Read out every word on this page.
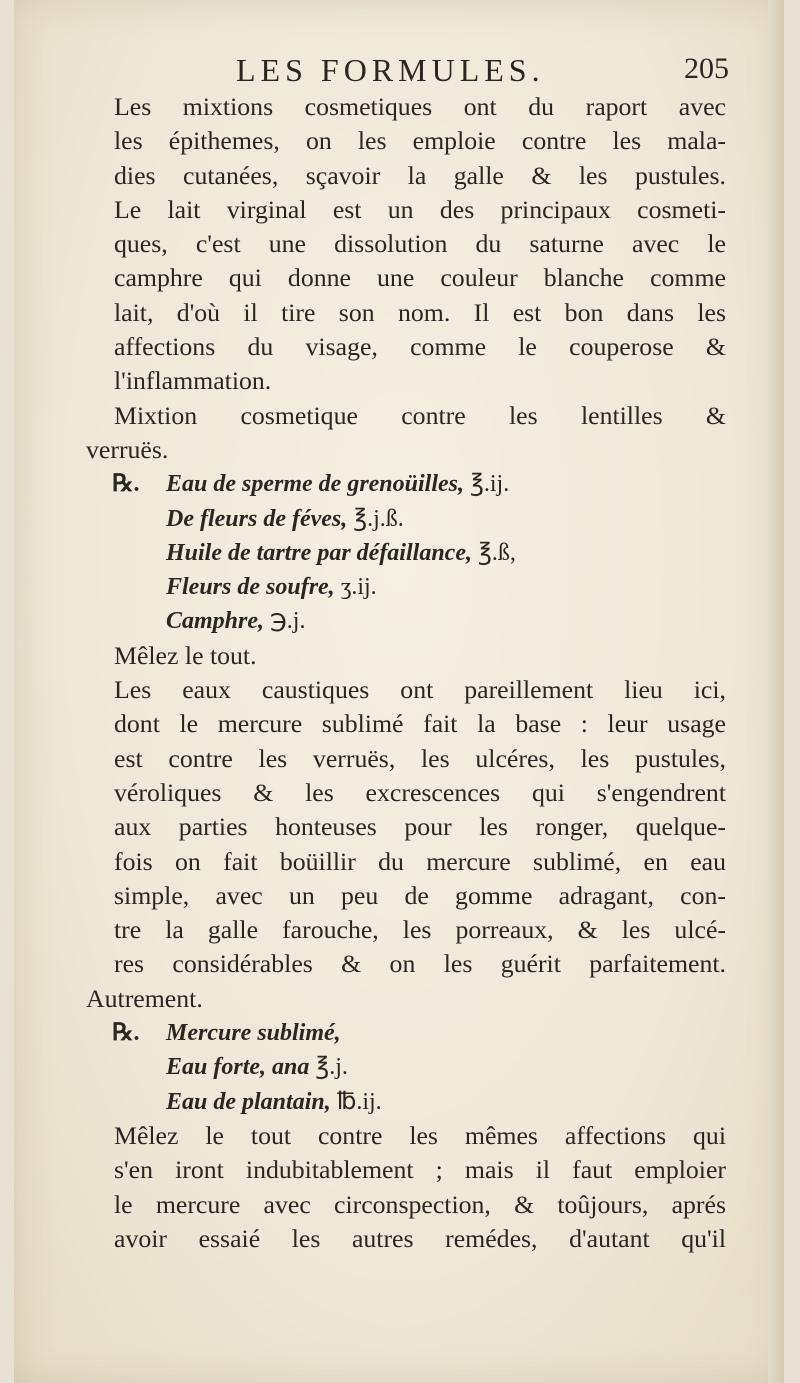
LES FORMULES.	205

Les mixtions cosmetiques ont du raport avec
les épithemes, on les emploie contre les mala-
dies cutanées, sçavoir la galle & les pustules.
Le lait virginal est un des principaux cosmeti-
ques, c'est une dissolution du saturne avec le
camphre qui donne une couleur blanche comme
lait, d'où il tire son nom. Il est bon dans les
affections du visage, comme le couperose &
l'inflammation.

Mixtion cosmetique contre les lentilles &
verruës.

℞. Eau de sperme de grenoüilles, ℥.ij.
De fleurs de féves, ℥.j.ß.
Huile de tartre par défaillance, ℥.ß,
Fleurs de soufre, ʒ.ij.
Camphre, ℈.j.

Mêlez le tout.

Les eaux caustiques ont pareillement lieu ici,
dont le mercure sublimé fait la base : leur usage
est contre les verruës, les ulcéres, les pustules,
véroliques & les excrescences qui s'engendrent
aux parties honteuses pour les ronger, quelque-
fois on fait boüillir du mercure sublimé, en eau
simple, avec un peu de gomme adragant, con-
tre la galle farouche, les porreaux, & les ulcé-
res considérables & on les guérit parfaitement.
Autrement.

℞. Mercure sublimé,
Eau forte, ana ℥.j.
Eau de plantain, ℔.ij.

Mêlez le tout contre les mêmes affections qui
s'en iront indubitablement ; mais il faut emploier
le mercure avec circonspection, & toûjours, aprés
avoir essaié les autres remédes, d'autant qu'il
